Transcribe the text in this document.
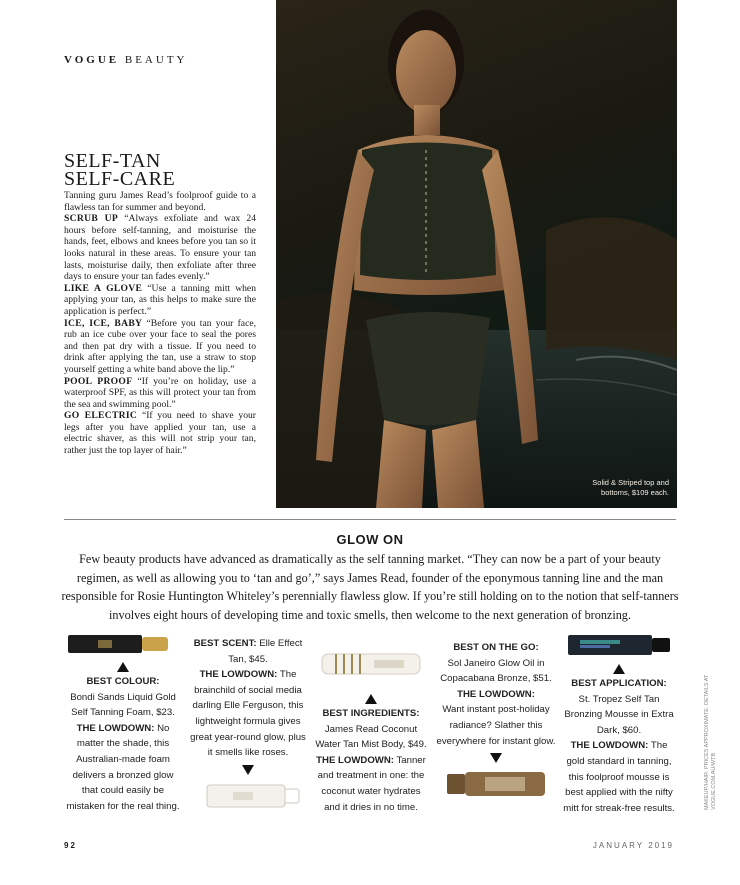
VOGUE BEAUTY
Solid & Striped top and
bottoms, $109 each.
SELF-TAN
SELF-CARE

Tanning guru James Read’s foolproof guide to a flawless tan for summer and beyond.

SCRUB UP “Always exfoliate and wax 24 hours before self-tanning, and moisturise the hands, feet, elbows and knees before you tan so it looks natural in these areas. To ensure your tan lasts, moisturise daily, then exfoliate after three days to ensure your tan fades evenly.”

LIKE A GLOVE “Use a tanning mitt when applying your tan, as this helps to make sure the application is perfect.”

ICE, ICE, BABY “Before you tan your face, rub an ice cube over your face to seal the pores and then pat dry with a tissue. If you need to drink after applying the tan, use a straw to stop yourself getting a white band above the lip.”

POOL PROOF “If you’re on holiday, use a waterproof SPF, as this will protect your tan from the sea and swimming pool.”

GO ELECTRIC “If you need to shave your legs after you have applied your tan, use a electric shaver, as this will not strip your tan, rather just the top layer of hair.”

GLOW ON
Few beauty products have advanced as dramatically as the self tanning market. “They can now be a part of your beauty regimen, as well as allowing you to ‘tan and go’,” says James Read, founder of the eponymous tanning line and the man responsible for Rosie Huntington Whiteley’s perennially flawless glow. If you’re still holding on to the notion that self-tanners involves eight hours of developing time and toxic smells, then welcome to the next generation of bronzing.
BEST COLOUR:
Bondi Sands Liquid Gold Self Tanning Foam, $23.
THE LOWDOWN: No matter the shade, this Australian-made foam delivers a bronzed glow that could easily be mistaken for the real thing.
BEST SCENT: Elle Effect Tan, $45.
THE LOWDOWN: The brainchild of social media darling Elle Ferguson, this lightweight formula gives great year-round glow, plus it smells like roses.
BEST INGREDIENTS:
James Read Coconut Water Tan Mist Body, $49.
THE LOWDOWN: Tanner and treatment in one: the coconut water hydrates and it dries in no time.
BEST ON THE GO:
Sol Janeiro Glow Oil in Copacabana Bronze, $51.
THE LOWDOWN:
Want instant post-holiday radiance? Slather this everywhere for instant glow.
BEST APPLICATION:
St. Tropez Self Tan Bronzing Mousse in Extra Dark, $60.
THE LOWDOWN: The gold standard in tanning, this foolproof mousse is best applied with the nifty mitt for streak-free results.	MAKEUP/HAIR: PRICES APPROXIMATE. DETAILS AT VOGUE.COM.AU/WTB
92	JANUARY 2019
